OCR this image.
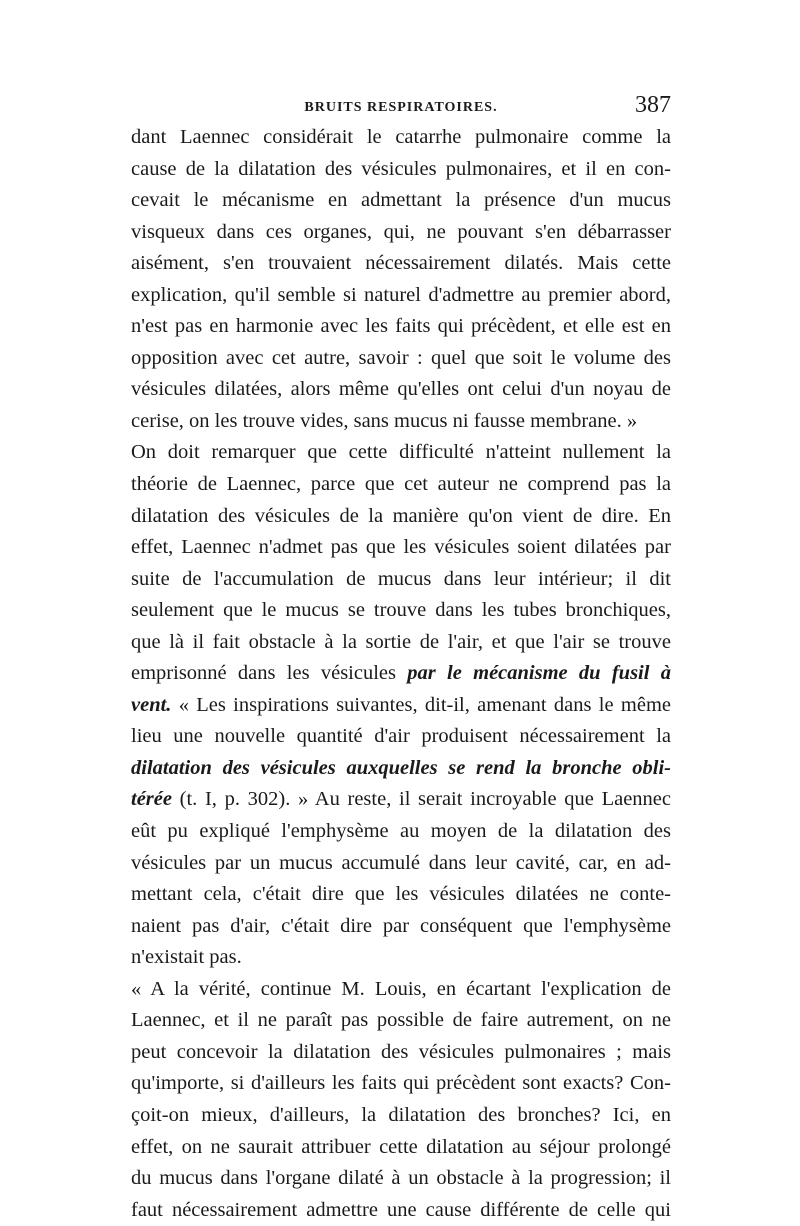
BRUITS RESPIRATOIRES.	387
dant Laennec considérait le catarrhe pulmonaire comme la
cause de la dilatation des vésicules pulmonaires, et il en con-
cevait le mécanisme en admettant la présence d'un mucus
visqueux dans ces organes, qui, ne pouvant s'en débarrasser
aisément, s'en trouvaient nécessairement dilatés. Mais cette
explication, qu'il semble si naturel d'admettre au premier abord,
n'est pas en harmonie avec les faits qui précèdent, et elle est en
opposition avec cet autre, savoir : quel que soit le volume des
vésicules dilatées, alors même qu'elles ont celui d'un noyau de
cerise, on les trouve vides, sans mucus ni fausse membrane. »
On doit remarquer que cette difficulté n'atteint nullement la
théorie de Laennec, parce que cet auteur ne comprend pas la
dilatation des vésicules de la manière qu'on vient de dire. En
effet, Laennec n'admet pas que les vésicules soient dilatées par
suite de l'accumulation de mucus dans leur intérieur; il dit
seulement que le mucus se trouve dans les tubes bronchiques,
que là il fait obstacle à la sortie de l'air, et que l'air se trouve
emprisonné dans les vésicules par le mécanisme du fusil à
vent. « Les inspirations suivantes, dit-il, amenant dans le même
lieu une nouvelle quantité d'air produisent nécessairement la
dilatation des vésicules auxquelles se rend la bronche obli-
térée (t. I, p. 302). » Au reste, il serait incroyable que Laennec
eût pu expliqué l'emphysème au moyen de la dilatation des
vésicules par un mucus accumulé dans leur cavité, car, en ad-
mettant cela, c'était dire que les vésicules dilatées ne conte-
naient pas d'air, c'était dire par conséquent que l'emphysème
n'existait pas.
« A la vérité, continue M. Louis, en écartant l'explication de
Laennec, et il ne paraît pas possible de faire autrement, on ne
peut concevoir la dilatation des vésicules pulmonaires ; mais
qu'importe, si d'ailleurs les faits qui précèdent sont exacts? Con-
çoit-on mieux, d'ailleurs, la dilatation des bronches? Ici, en
effet, on ne saurait attribuer cette dilatation au séjour prolongé
du mucus dans l'organe dilaté à un obstacle à la progression; il
faut nécessairement admettre une cause différente de celle qui
